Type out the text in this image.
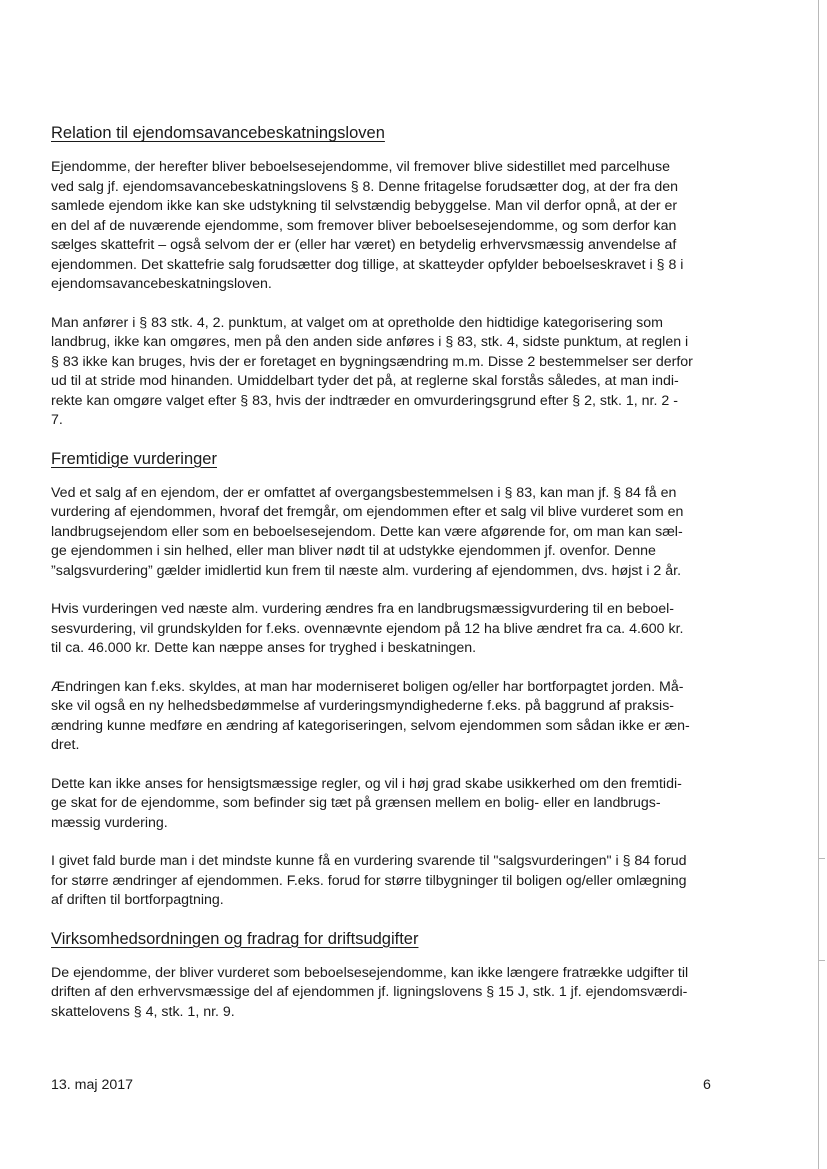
Relation til ejendomsavancebeskatningsloven

Ejendomme, der herefter bliver beboelsesejendomme, vil fremover blive sidestillet med parcelhuse
ved salg jf. ejendomsavancebeskatningslovens § 8. Denne fritagelse forudsætter dog, at der fra den
samlede ejendom ikke kan ske udstykning til selvstændig bebyggelse. Man vil derfor opnå, at der er
en del af de nuværende ejendomme, som fremover bliver beboelsesejendomme, og som derfor kan
sælges skattefrit – også selvom der er (eller har været) en betydelig erhvervsmæssig anvendelse af
ejendommen. Det skattefrie salg forudsætter dog tillige, at skatteyder opfylder beboelseskravet i § 8 i
ejendomsavancebeskatningsloven.

Man anfører i § 83 stk. 4, 2. punktum, at valget om at opretholde den hidtidige kategorisering som
landbrug, ikke kan omgøres, men på den anden side anføres i § 83, stk. 4, sidste punktum, at reglen i
§ 83 ikke kan bruges, hvis der er foretaget en bygningsændring m.m. Disse 2 bestemmelser ser derfor
ud til at stride mod hinanden. Umiddelbart tyder det på, at reglerne skal forstås således, at man indi-
rekte kan omgøre valget efter § 83, hvis der indtræder en omvurderingsgrund efter § 2, stk. 1, nr. 2 -
7.

Fremtidige vurderinger

Ved et salg af en ejendom, der er omfattet af overgangsbestemmelsen i § 83, kan man jf. § 84 få en
vurdering af ejendommen, hvoraf det fremgår, om ejendommen efter et salg vil blive vurderet som en
landbrugsejendom eller som en beboelsesejendom. Dette kan være afgørende for, om man kan sæl-
ge ejendommen i sin helhed, eller man bliver nødt til at udstykke ejendommen jf. ovenfor. Denne
”salgsvurdering” gælder imidlertid kun frem til næste alm. vurdering af ejendommen, dvs. højst i 2 år.

Hvis vurderingen ved næste alm. vurdering ændres fra en landbrugsmæssigvurdering til en beboel-
sesvurdering, vil grundskylden for f.eks. ovennævnte ejendom på 12 ha blive ændret fra ca. 4.600 kr.
til ca. 46.000 kr. Dette kan næppe anses for tryghed i beskatningen.

Ændringen kan f.eks. skyldes, at man har moderniseret boligen og/eller har bortforpagtet jorden. Må-
ske vil også en ny helhedsbedømmelse af vurderingsmyndighederne f.eks. på baggrund af praksis-
ændring kunne medføre en ændring af kategoriseringen, selvom ejendommen som sådan ikke er æn-
dret.

Dette kan ikke anses for hensigtsmæssige regler, og vil i høj grad skabe usikkerhed om den fremtidi-
ge skat for de ejendomme, som befinder sig tæt på grænsen mellem en bolig- eller en landbrugs-
mæssig vurdering.

I givet fald burde man i det mindste kunne få en vurdering svarende til "salgsvurderingen" i § 84 forud
for større ændringer af ejendommen. F.eks. forud for større tilbygninger til boligen og/eller omlægning
af driften til bortforpagtning.

Virksomhedsordningen og fradrag for driftsudgifter

De ejendomme, der bliver vurderet som beboelsesejendomme, kan ikke længere fratrække udgifter til
driften af den erhvervsmæssige del af ejendommen jf. ligningslovens § 15 J, stk. 1 jf. ejendomsværdi-
skattelovens § 4, stk. 1, nr. 9.

13. maj 2017	6
